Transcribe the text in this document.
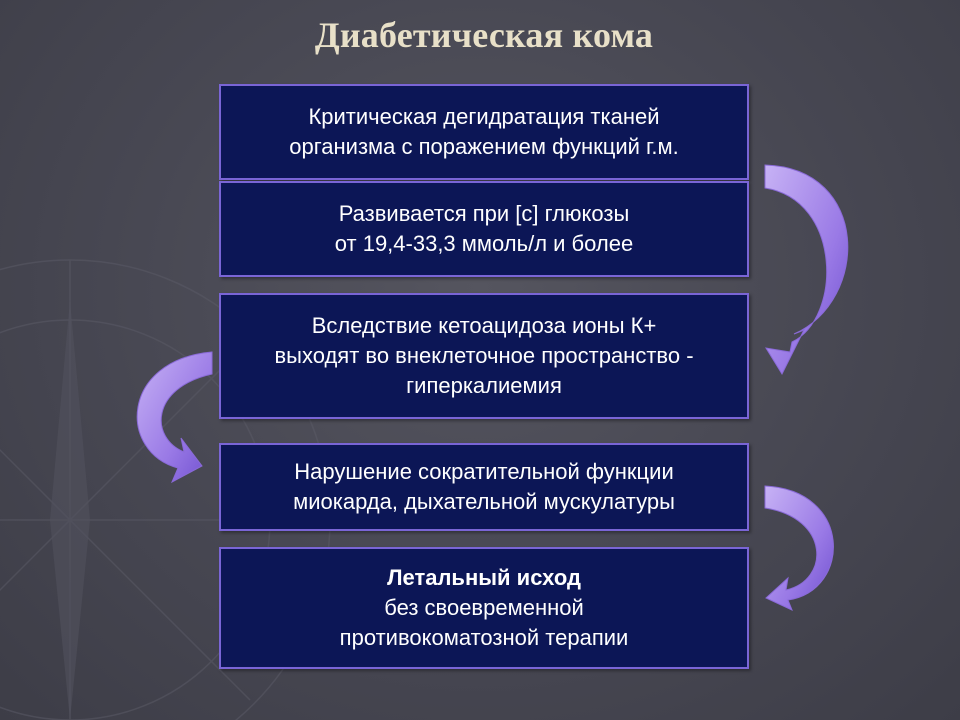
Диабетическая кома
Критическая дегидратация тканей
организма с поражением функций г.м.
Развивается при [с] глюкозы
от 19,4-33,3 ммоль/л и более
Вследствие кетоацидоза ионы К+
выходят во внеклеточное пространство -
гиперкалиемия
Нарушение сократительной функции
миокарда, дыхательной мускулатуры
Летальный исход
без своевременной
противокоматозной терапии
